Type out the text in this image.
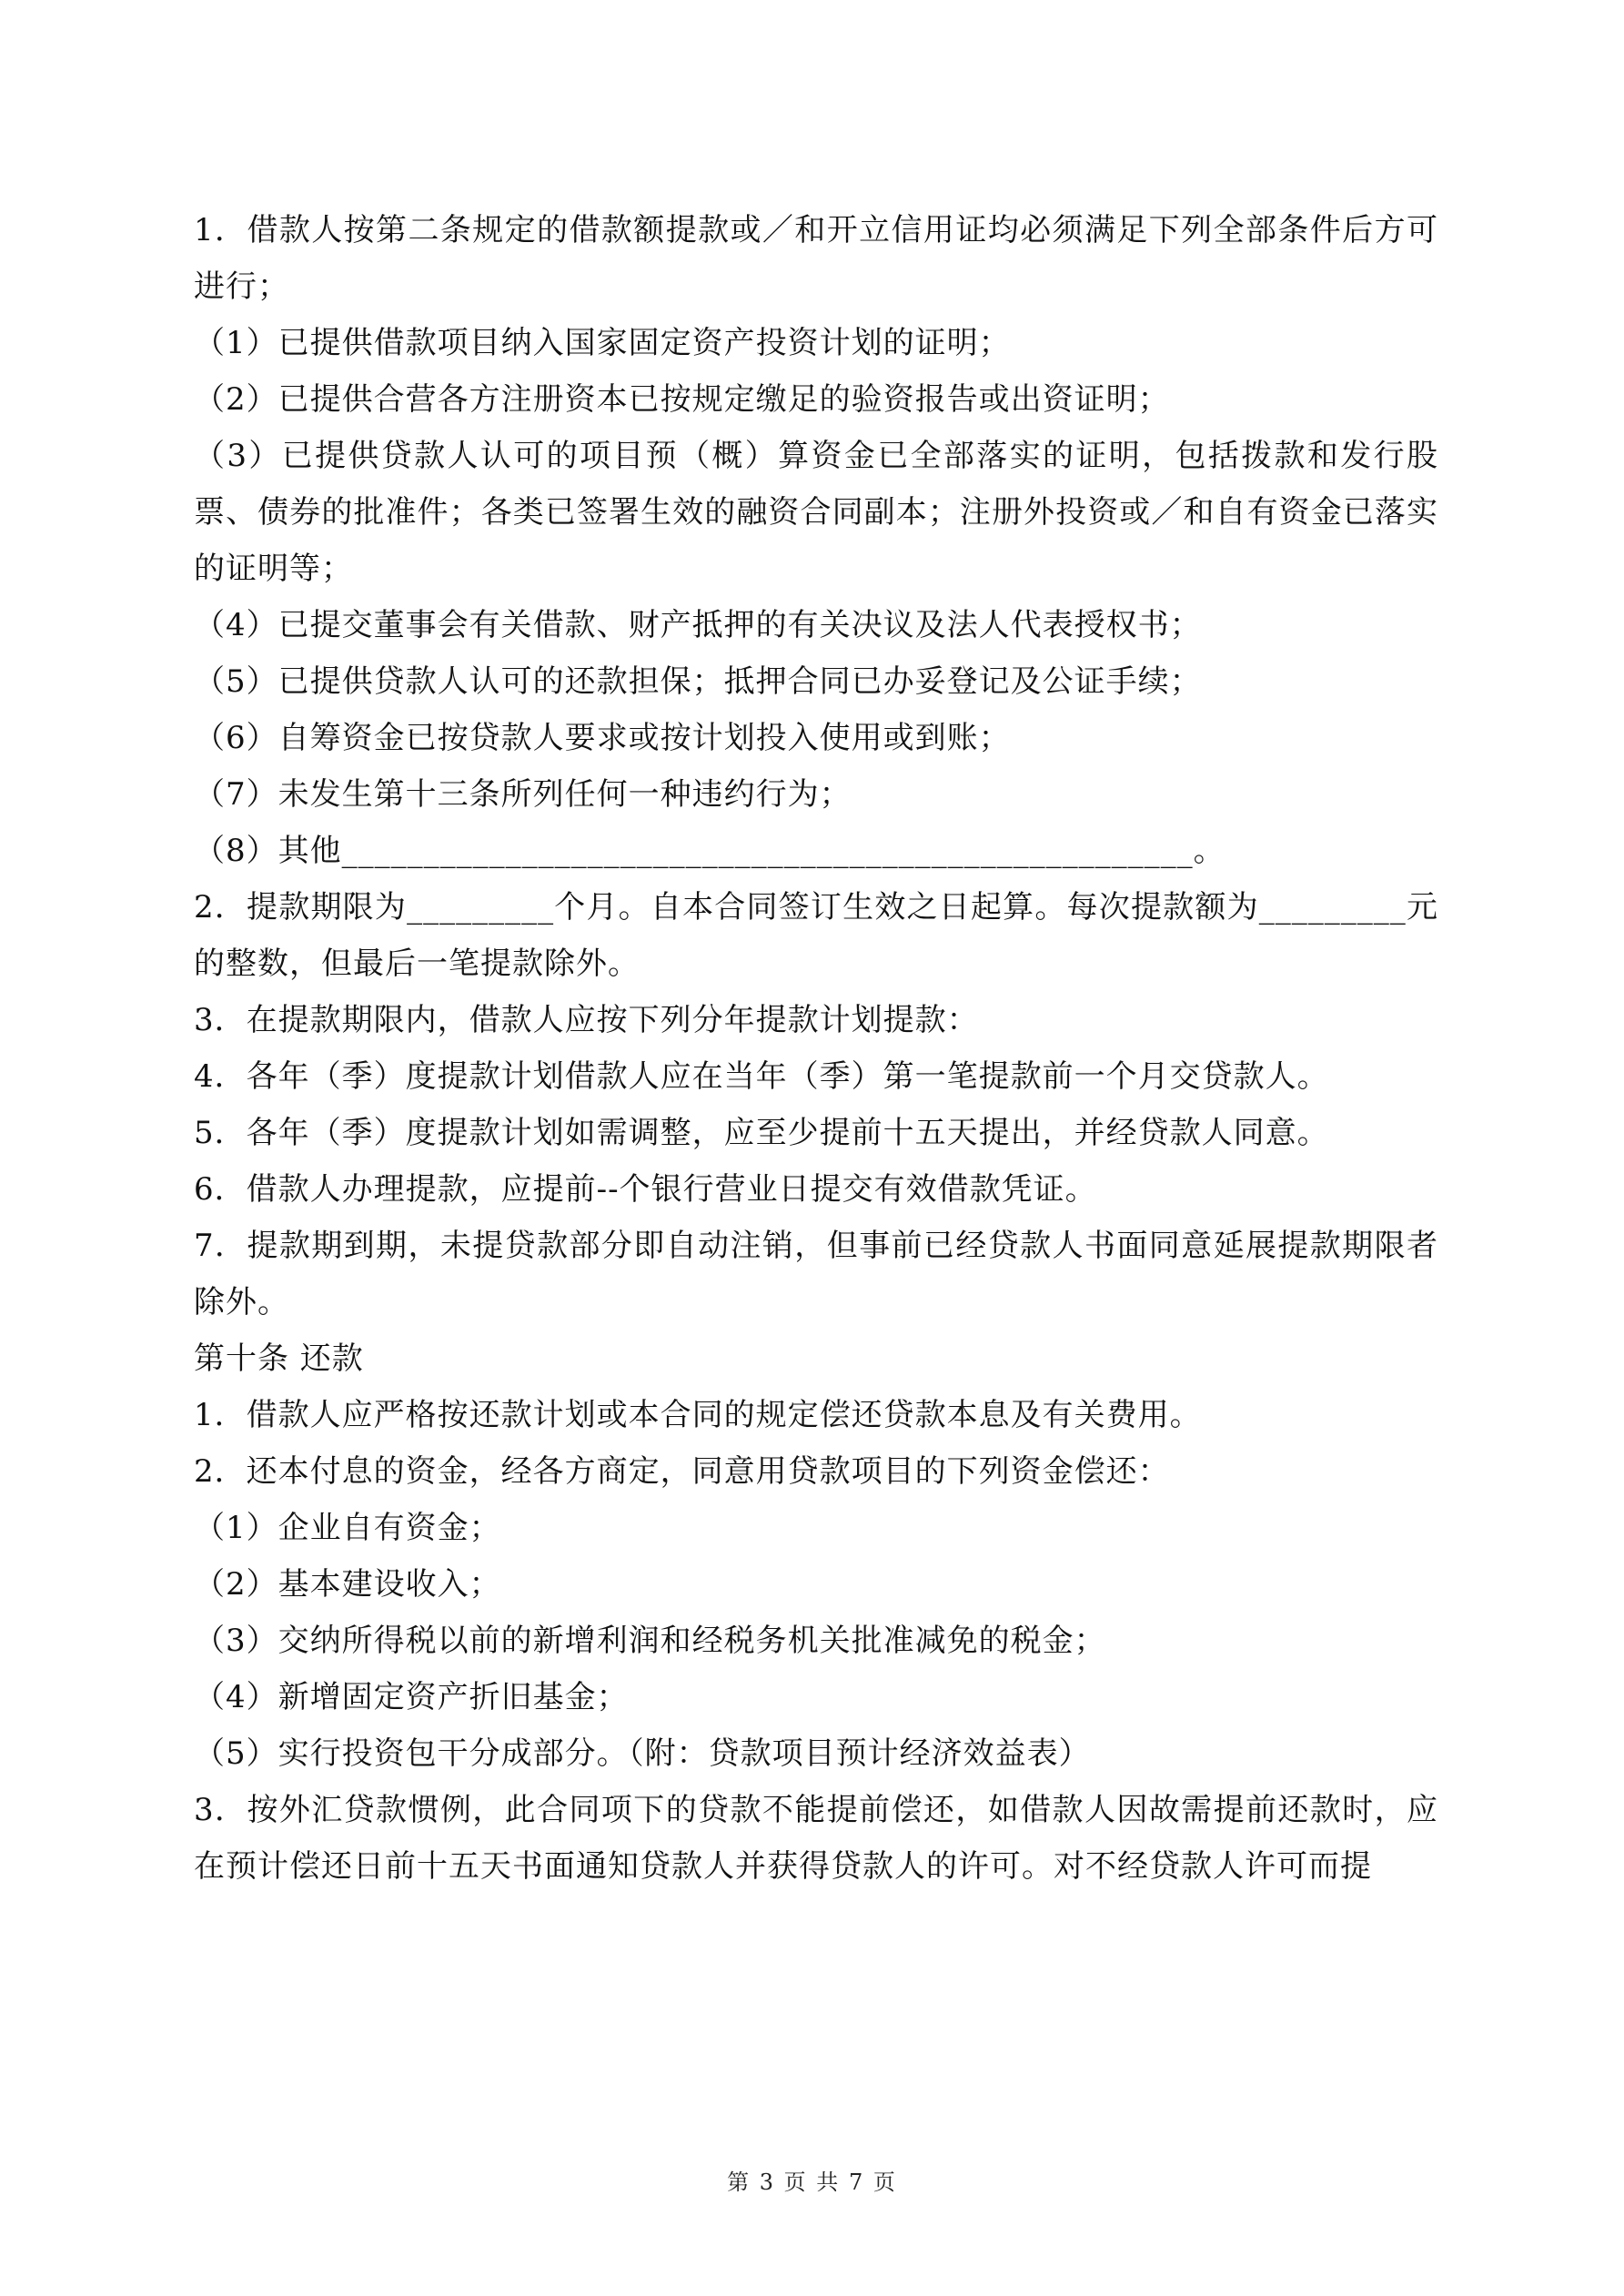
1．借款人按第二条规定的借款额提款或／和开立信用证均必须满足下列全部条件后方可进行；

（1）已提供借款项目纳入国家固定资产投资计划的证明；

（2）已提供合营各方注册资本已按规定缴足的验资报告或出资证明；

（3）已提供贷款人认可的项目预（概）算资金已全部落实的证明，包括拨款和发行股票、债券的批准件；各类已签署生效的融资合同副本；注册外投资或／和自有资金已落实的证明等；

（4）已提交董事会有关借款、财产抵押的有关决议及法人代表授权书；

（5）已提供贷款人认可的还款担保；抵押合同已办妥登记及公证手续；

（6）自筹资金已按贷款人要求或按计划投入使用或到账；

（7）未发生第十三条所列任何一种违约行为；

（8）其他____________________________________________________。

2．提款期限为_________个月。自本合同签订生效之日起算。每次提款额为_________元的整数，但最后一笔提款除外。

3．在提款期限内，借款人应按下列分年提款计划提款：

4．各年（季）度提款计划借款人应在当年（季）第一笔提款前一个月交贷款人。

5．各年（季）度提款计划如需调整，应至少提前十五天提出，并经贷款人同意。

6．借款人办理提款，应提前--个银行营业日提交有效借款凭证。

7．提款期到期，未提贷款部分即自动注销，但事前已经贷款人书面同意延展提款期限者除外。

第十条 还款

1．借款人应严格按还款计划或本合同的规定偿还贷款本息及有关费用。

2．还本付息的资金，经各方商定，同意用贷款项目的下列资金偿还：

（1）企业自有资金；

（2）基本建设收入；

（3）交纳所得税以前的新增利润和经税务机关批准减免的税金；

（4）新增固定资产折旧基金；

（5）实行投资包干分成部分。（附：贷款项目预计经济效益表）

3．按外汇贷款惯例，此合同项下的贷款不能提前偿还，如借款人因故需提前还款时，应在预计偿还日前十五天书面通知贷款人并获得贷款人的许可。对不经贷款人许可而提

第 3 页 共 7 页
